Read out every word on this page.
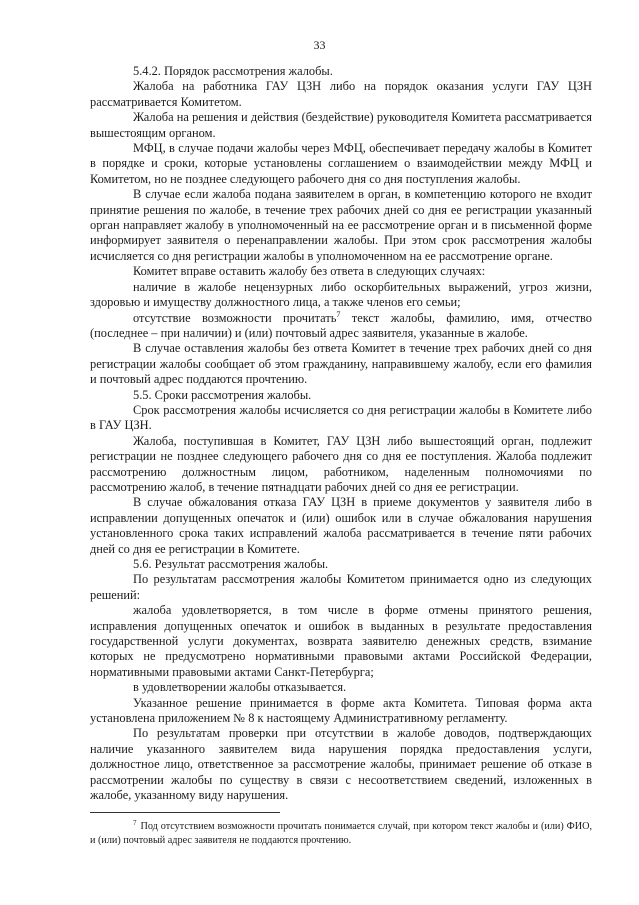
33

5.4.2. Порядок рассмотрения жалобы.

Жалоба на работника ГАУ ЦЗН либо на порядок оказания услуги ГАУ ЦЗН рассматривается Комитетом.

Жалоба на решения и действия (бездействие) руководителя Комитета рассматривается вышестоящим органом.

МФЦ, в случае подачи жалобы через МФЦ, обеспечивает передачу жалобы в Комитет в порядке и сроки, которые установлены соглашением о взаимодействии между МФЦ и Комитетом, но не позднее следующего рабочего дня со дня поступления жалобы.

В случае если жалоба подана заявителем в орган, в компетенцию которого не входит принятие решения по жалобе, в течение трех рабочих дней со дня ее регистрации указанный орган направляет жалобу в уполномоченный на ее рассмотрение орган и в письменной форме информирует заявителя о перенаправлении жалобы. При этом срок рассмотрения жалобы исчисляется со дня регистрации жалобы в уполномоченном на ее рассмотрение органе.

Комитет вправе оставить жалобу без ответа в следующих случаях:

наличие в жалобе нецензурных либо оскорбительных выражений, угроз жизни, здоровью и имуществу должностного лица, а также членов его семьи;

отсутствие возможности прочитать$^7$ текст жалобы, фамилию, имя, отчество (последнее – при наличии) и (или) почтовый адрес заявителя, указанные в жалобе.

В случае оставления жалобы без ответа Комитет в течение трех рабочих дней со дня регистрации жалобы сообщает об этом гражданину, направившему жалобу, если его фамилия и почтовый адрес поддаются прочтению.

5.5. Сроки рассмотрения жалобы.

Срок рассмотрения жалобы исчисляется со дня регистрации жалобы в Комитете либо в ГАУ ЦЗН.

Жалоба, поступившая в Комитет, ГАУ ЦЗН либо вышестоящий орган, подлежит регистрации не позднее следующего рабочего дня со дня ее поступления. Жалоба подлежит рассмотрению должностным лицом, работником, наделенным полномочиями по рассмотрению жалоб, в течение пятнадцати рабочих дней со дня ее регистрации.

В случае обжалования отказа ГАУ ЦЗН в приеме документов у заявителя либо в исправлении допущенных опечаток и (или) ошибок или в случае обжалования нарушения установленного срока таких исправлений жалоба рассматривается в течение пяти рабочих дней со дня ее регистрации в Комитете.

5.6. Результат рассмотрения жалобы.

По результатам рассмотрения жалобы Комитетом принимается одно из следующих решений:

жалоба удовлетворяется, в том числе в форме отмены принятого решения, исправления допущенных опечаток и ошибок в выданных в результате предоставления государственной услуги документах, возврата заявителю денежных средств, взимание которых не предусмотрено нормативными правовыми актами Российской Федерации, нормативными правовыми актами Санкт-Петербурга;

в удовлетворении жалобы отказывается.

Указанное решение принимается в форме акта Комитета. Типовая форма акта установлена приложением № 8 к настоящему Административному регламенту.

По результатам проверки при отсутствии в жалобе доводов, подтверждающих наличие указанного заявителем вида нарушения порядка предоставления услуги, должностное лицо, ответственное за рассмотрение жалобы, принимает решение об отказе в рассмотрении жалобы по существу в связи с несоответствием сведений, изложенных в жалобе, указанному виду нарушения.

$^7$ Под отсутствием возможности прочитать понимается случай, при котором текст жалобы и (или) ФИО, и (или) почтовый адрес заявителя не поддаются прочтению.
